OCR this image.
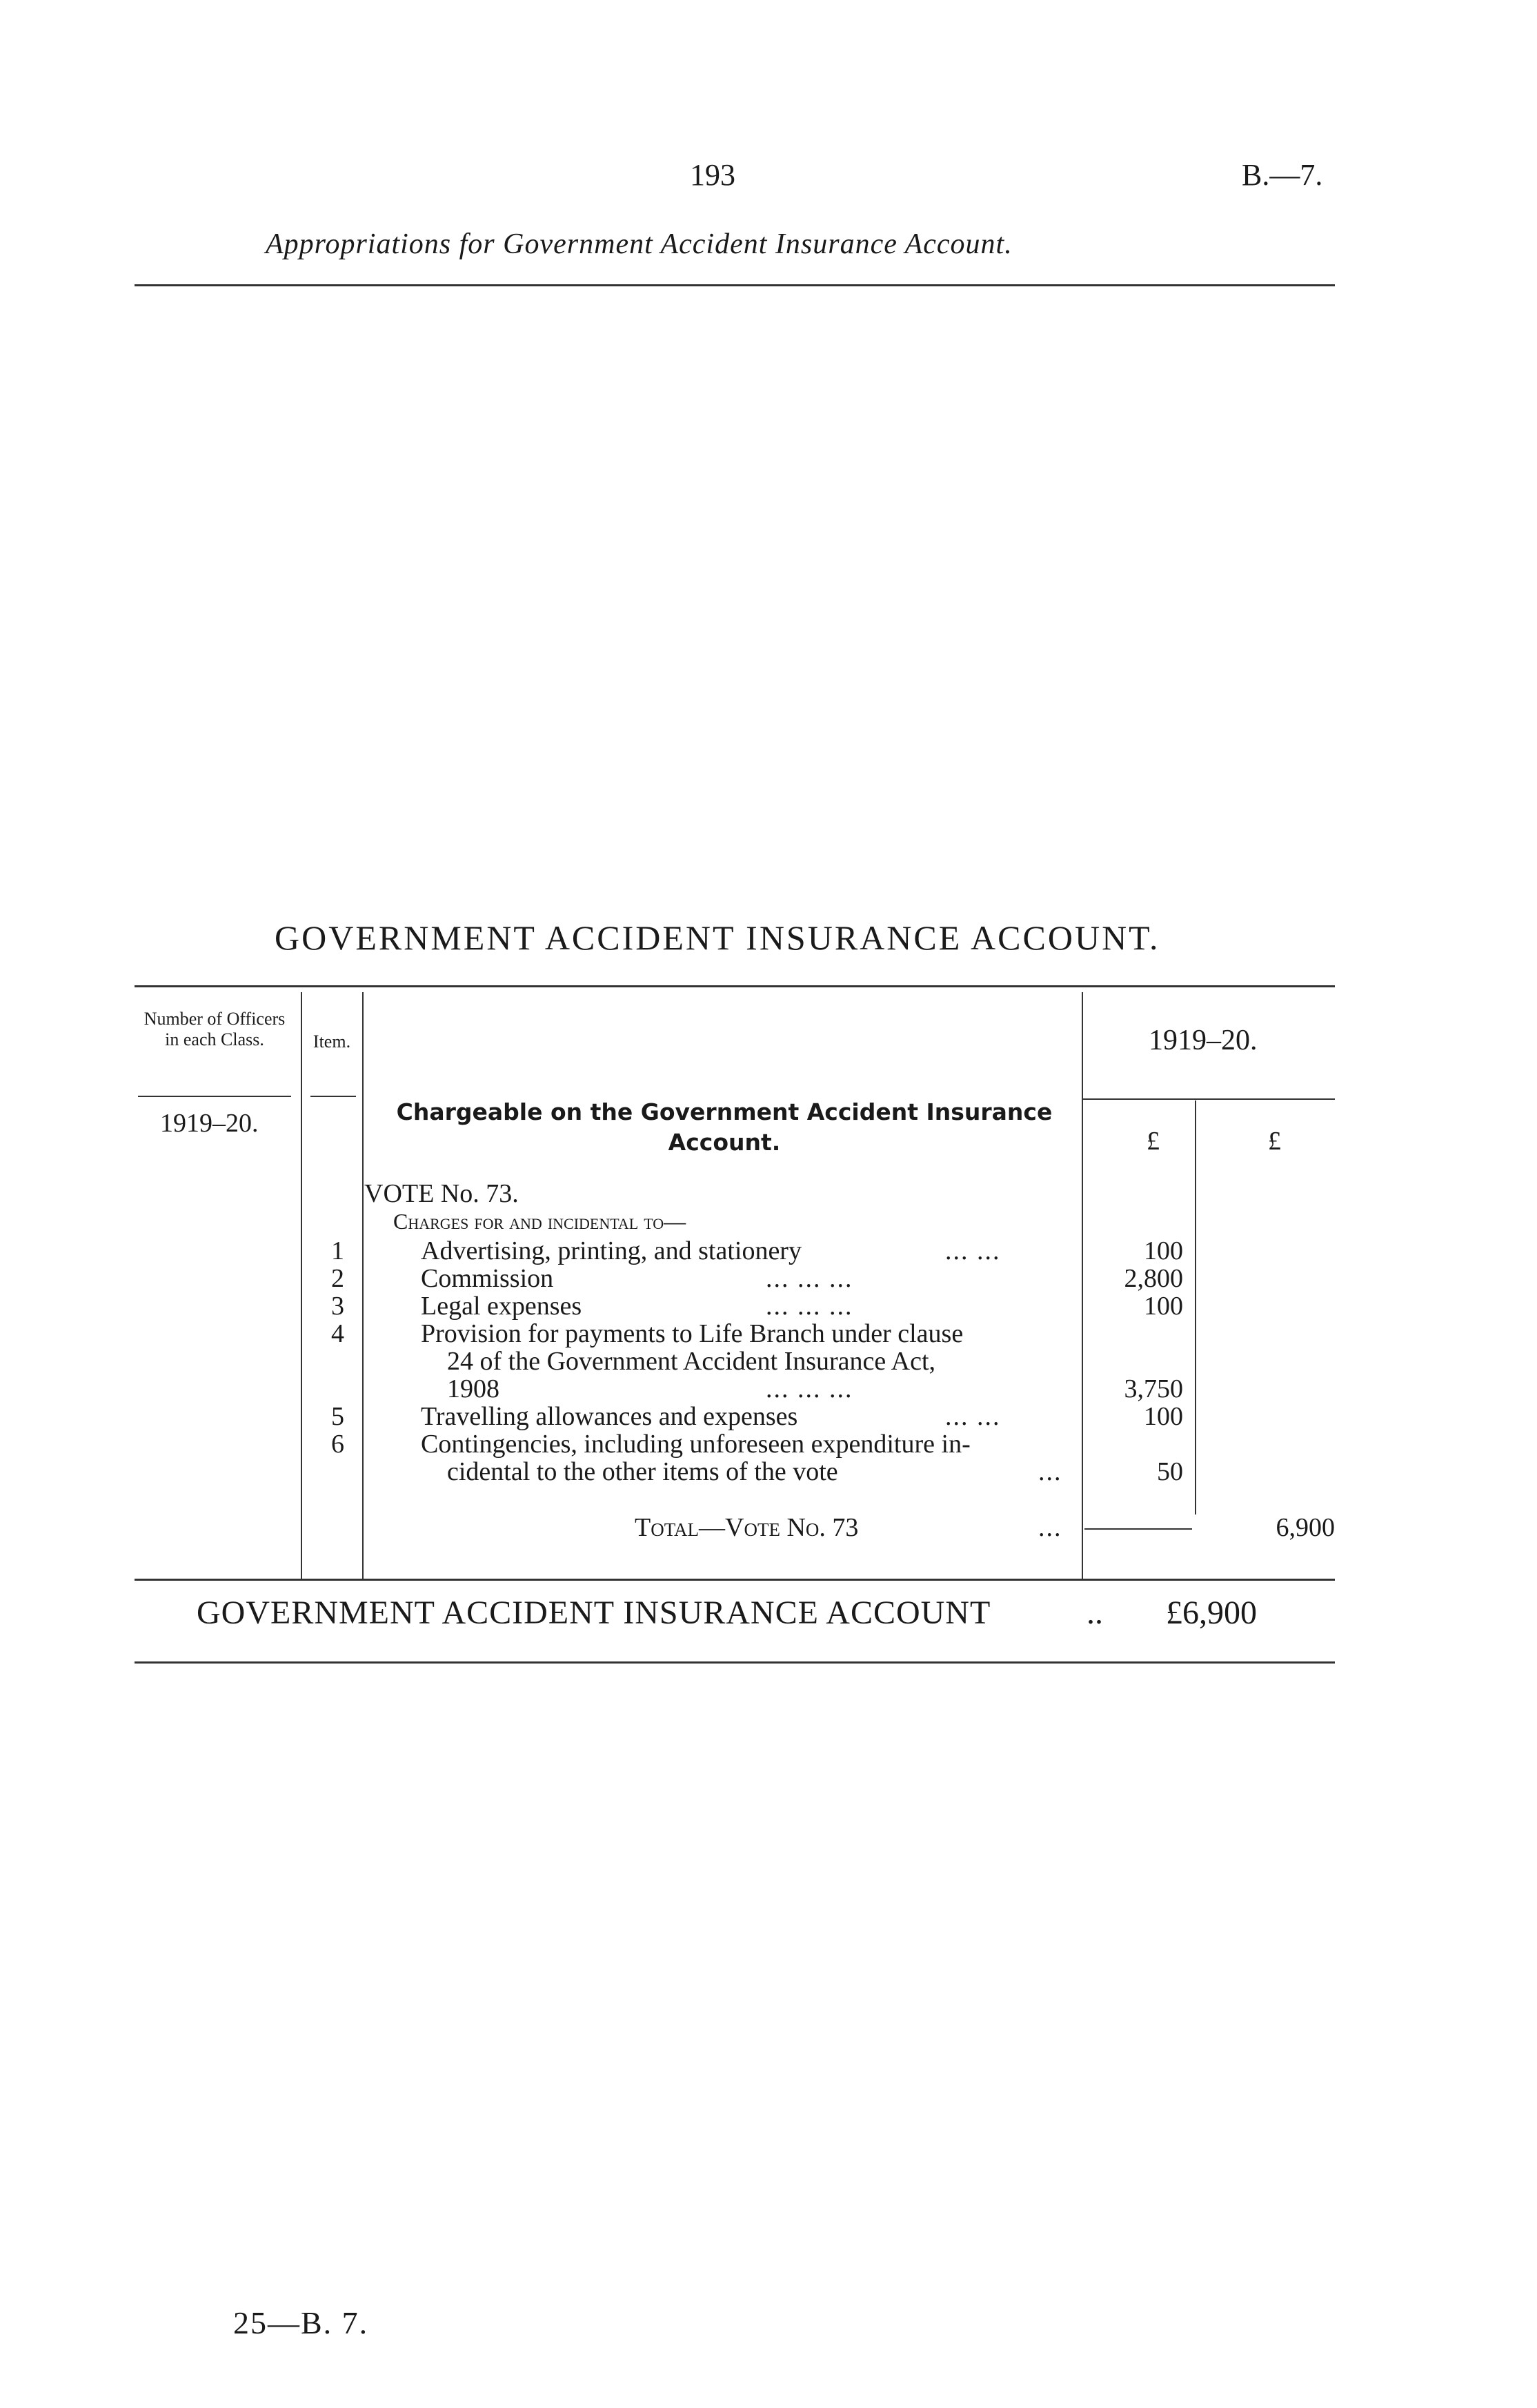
193	B.—7.
Appropriations for Government Accident Insurance Account.
GOVERNMENT ACCIDENT INSURANCE ACCOUNT.
Number of Officers in each Class.	Item.	1919–20.
1919–20.	Chargeable on the Government Accident Insurance Account.	£	£
VOTE No. 73.
Charges for and incidental to—
1	Advertising, printing, and stationery	... ...	100
2	Commission	... ... ...	2,800
3	Legal expenses	... ... ...	100
4	Provision for payments to Life Branch under clause
24 of the Government Accident Insurance Act,
1908	... ... ...	3,750
5	Travelling allowances and expenses	... ...	100
6	Contingencies, including unforeseen expenditure in-
cidental to the other items of the vote	...	50
Total—Vote No. 73	...	6,900
GOVERNMENT ACCIDENT INSURANCE ACCOUNT	.. £6,900
25—B. 7.
